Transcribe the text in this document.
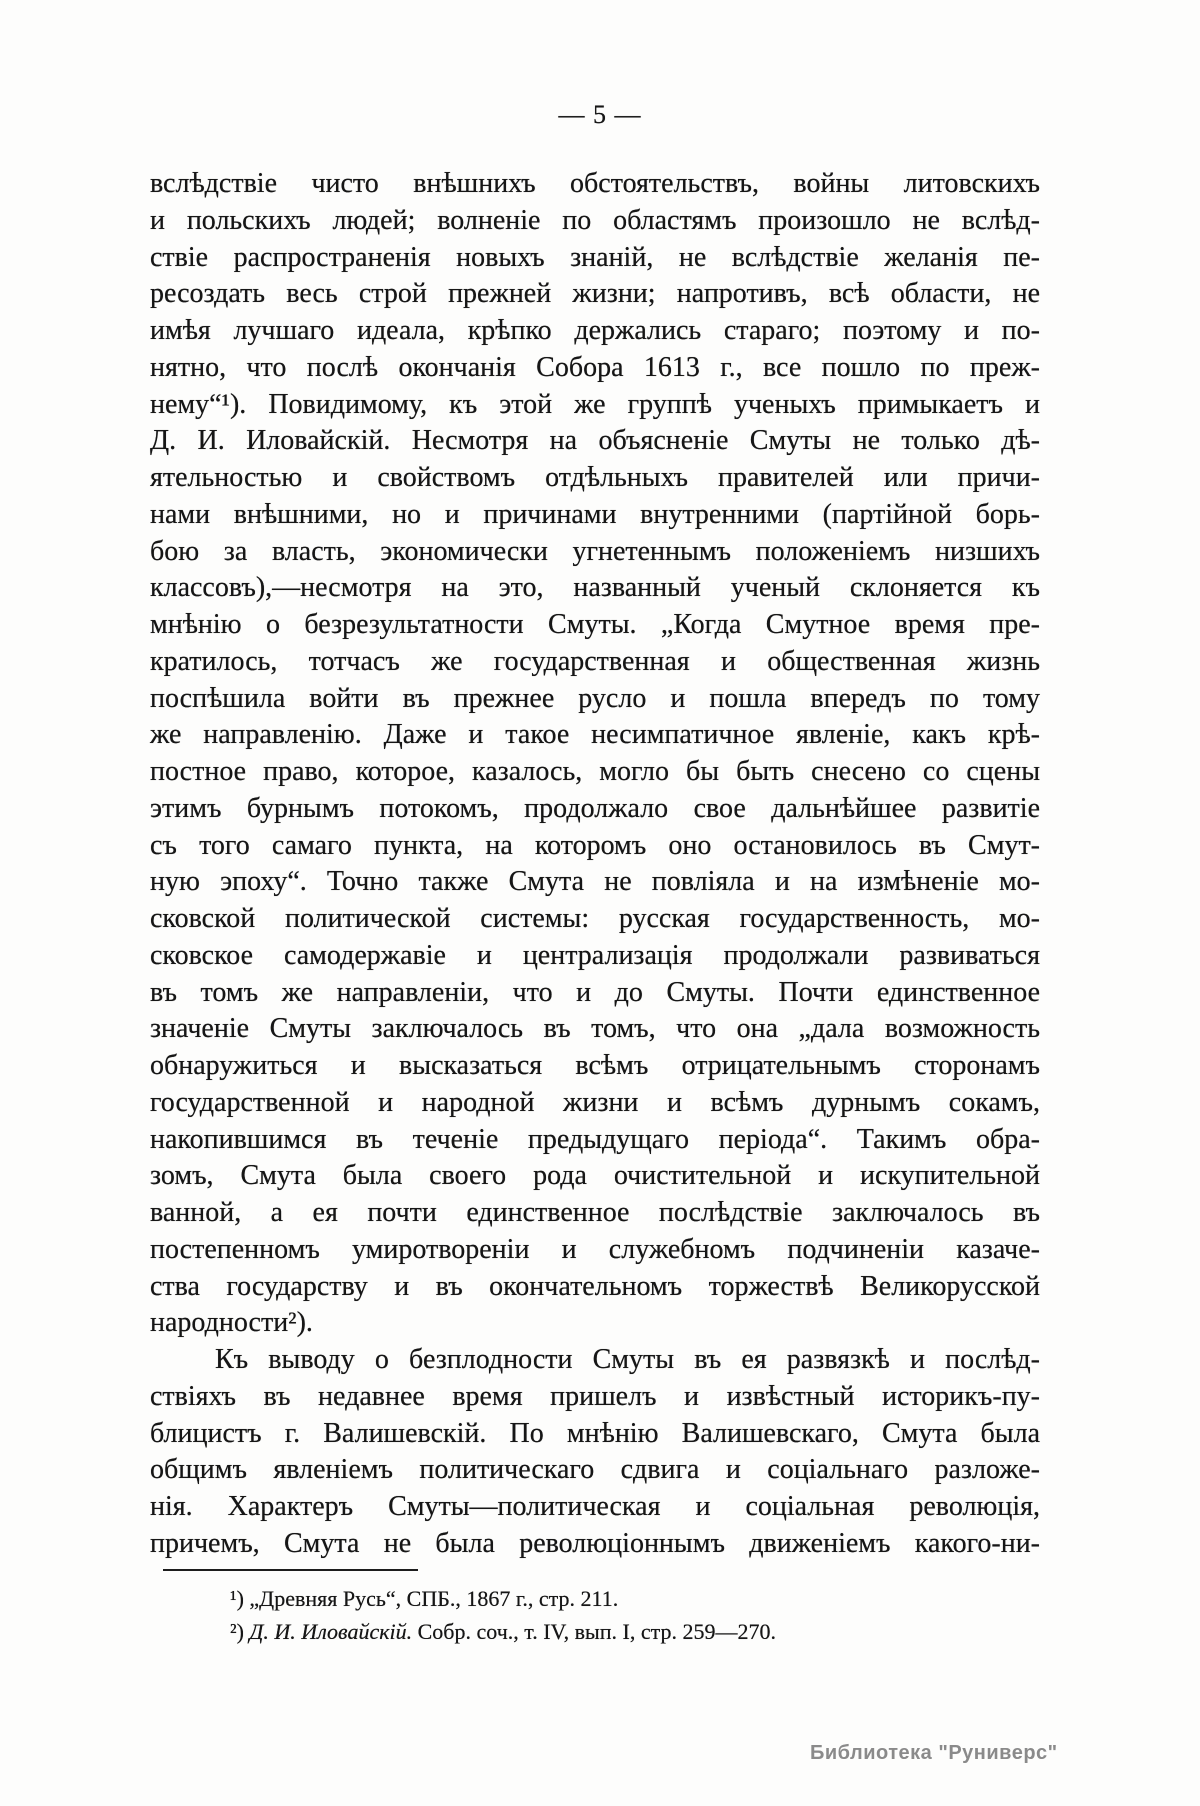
— 5 —
вслѣдствіе чисто внѣшнихъ обстоятельствъ, войны литовскихъ
и польскихъ людей; волненіе по областямъ произошло не вслѣд-
ствіе распространенія новыхъ знаній, не вслѣдствіе желанія пе-
ресоздать весь строй прежней жизни; напротивъ, всѣ области, не
имѣя лучшаго идеала, крѣпко держались стараго; поэтому и по-
нятно, что послѣ окончанія Собора 1613 г., все пошло по преж-
нему“¹). Повидимому, къ этой же группѣ ученыхъ примыкаетъ и
Д. И. Иловайскій. Несмотря на объясненіе Смуты не только дѣ-
ятельностью и свойствомъ отдѣльныхъ правителей или причи-
нами внѣшними, но и причинами внутренними (партійной борь-
бою за власть, экономически угнетеннымъ положеніемъ низшихъ
классовъ),—несмотря на это, названный ученый склоняется къ
мнѣнію о безрезультатности Смуты. „Когда Смутное время пре-
кратилось, тотчасъ же государственная и общественная жизнь
поспѣшила войти въ прежнее русло и пошла впередъ по тому
же направленію. Даже и такое несимпатичное явленіе, какъ крѣ-
постное право, которое, казалось, могло бы быть снесено со сцены
этимъ бурнымъ потокомъ, продолжало свое дальнѣйшее развитіе
съ того самаго пункта, на которомъ оно остановилось въ Смут-
ную эпоху“. Точно также Смута не повліяла и на измѣненіе мо-
сковской политической системы: русская государственность, мо-
сковское самодержавіе и централизація продолжали развиваться
въ томъ же направленіи, что и до Смуты. Почти единственное
значеніе Смуты заключалось въ томъ, что она „дала возможность
обнаружиться и высказаться всѣмъ отрицательнымъ сторонамъ
государственной и народной жизни и всѣмъ дурнымъ сокамъ,
накопившимся въ теченіе предыдущаго періода“. Такимъ обра-
зомъ, Смута была своего рода очистительной и искупительной
ванной, а ея почти единственное послѣдствіе заключалось въ
постепенномъ умиротвореніи и служебномъ подчиненіи казаче-
ства государству и въ окончательномъ торжествѣ Великорусской
народности²).
Къ выводу о безплодности Смуты въ ея развязкѣ и послѣд-
ствіяхъ въ недавнее время пришелъ и извѣстный историкъ-пу-
блицистъ г. Валишевскій. По мнѣнію Валишевскаго, Смута была
общимъ явленіемъ политическаго сдвига и соціальнаго разложе-
нія. Характеръ Смуты—политическая и соціальная революція,
причемъ, Смута не была революціоннымъ движеніемъ какого-ни-
¹) „Древняя Русь“, СПБ., 1867 г., стр. 211.
²) Д. И. Иловайскій. Собр. соч., т. IV, вып. I, стр. 259—270.
Библиотека "Руниверс"
